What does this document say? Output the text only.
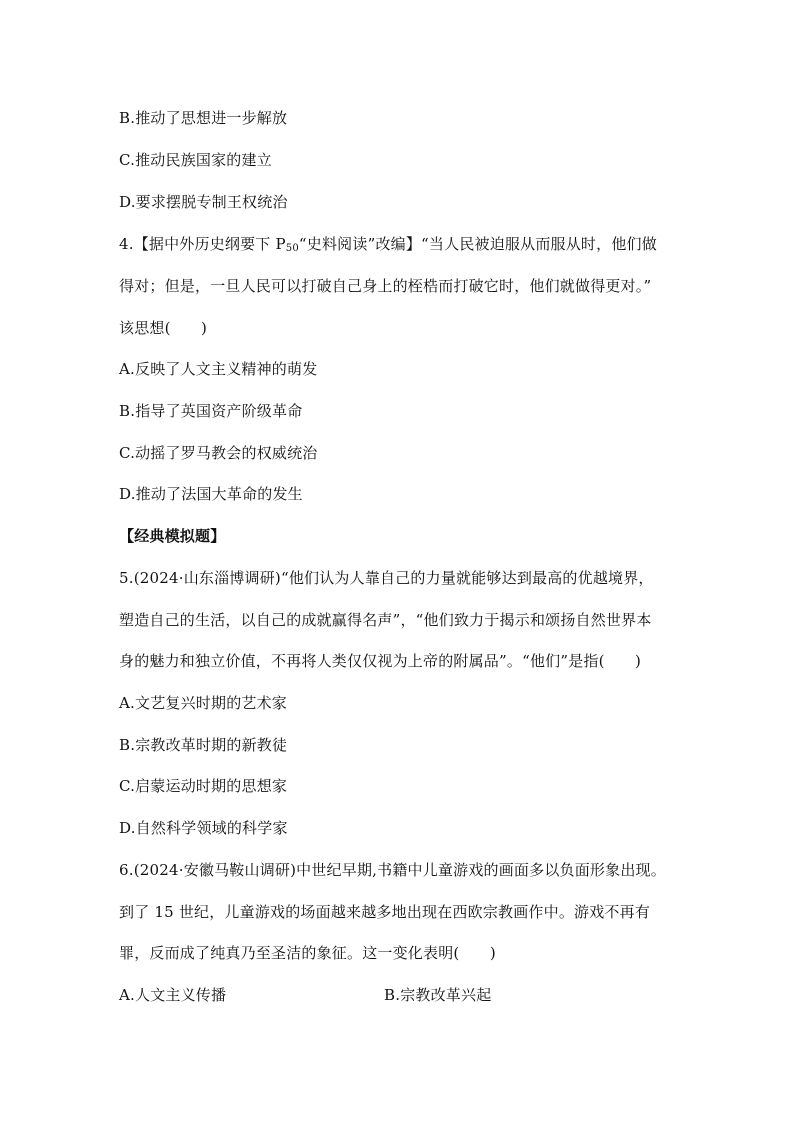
B.推动了思想进一步解放
C.推动民族国家的建立
D.要求摆脱专制王权统治
4.【据中外历史纲要下 $P_{50}“$史料阅读”改编】“当人民被迫服从而服从时，他们做
得对；但是，一旦人民可以打破自己身上的桎梏而打破它时，他们就做得更对。”
该思想(　　)
A.反映了人文主义精神的萌发
B.指导了英国资产阶级革命
C.动摇了罗马教会的权威统治
D.推动了法国大革命的发生
【经典模拟题】
5.(2024·山东淄博调研)“他们认为人靠自己的力量就能够达到最高的优越境界，
塑造自己的生活，以自己的成就赢得名声”，“他们致力于揭示和颂扬自然世界本
身的魅力和独立价值，不再将人类仅仅视为上帝的附属品”。“他们”是指(　　)
A.文艺复兴时期的艺术家
B.宗教改革时期的新教徒
C.启蒙运动时期的思想家
D.自然科学领域的科学家
6.(2024·安徽马鞍山调研)中世纪早期,书籍中儿童游戏的画面多以负面形象出现。
到了 15 世纪，儿童游戏的场面越来越多地出现在西欧宗教画作中。游戏不再有
罪，反而成了纯真乃至圣洁的象征。这一变化表明(　　)
A.人文主义传播	B.宗教改革兴起
